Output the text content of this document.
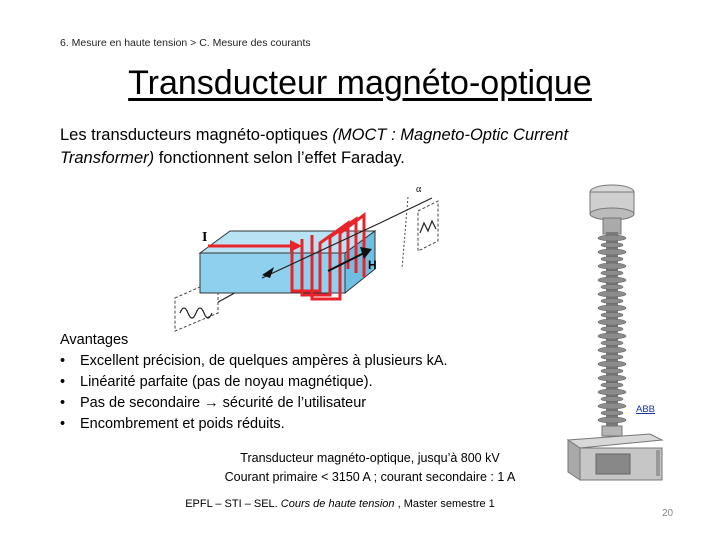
6. Mesure en haute tension > C. Mesure des courants
Transducteur magnéto-optique
Les transducteurs magnéto-optiques (MOCT : Magneto-Optic Current Transformer) fonctionnent selon l’effet Faraday.
I
H
α
Avantages
• Excellent précision, de quelques ampères à plusieurs kA.
• Linéarité parfaite (pas de noyau magnétique).
• Pas de secondaire → sécurité de l’utilisateur
• Encombrement et poids réduits.
ABB
Transducteur magnéto-optique, jusqu’à 800 kV
Courant primaire < 3150 A ; courant secondaire : 1 A
EPFL – STI – SEL. Cours de haute tension , Master semestre 1
20
